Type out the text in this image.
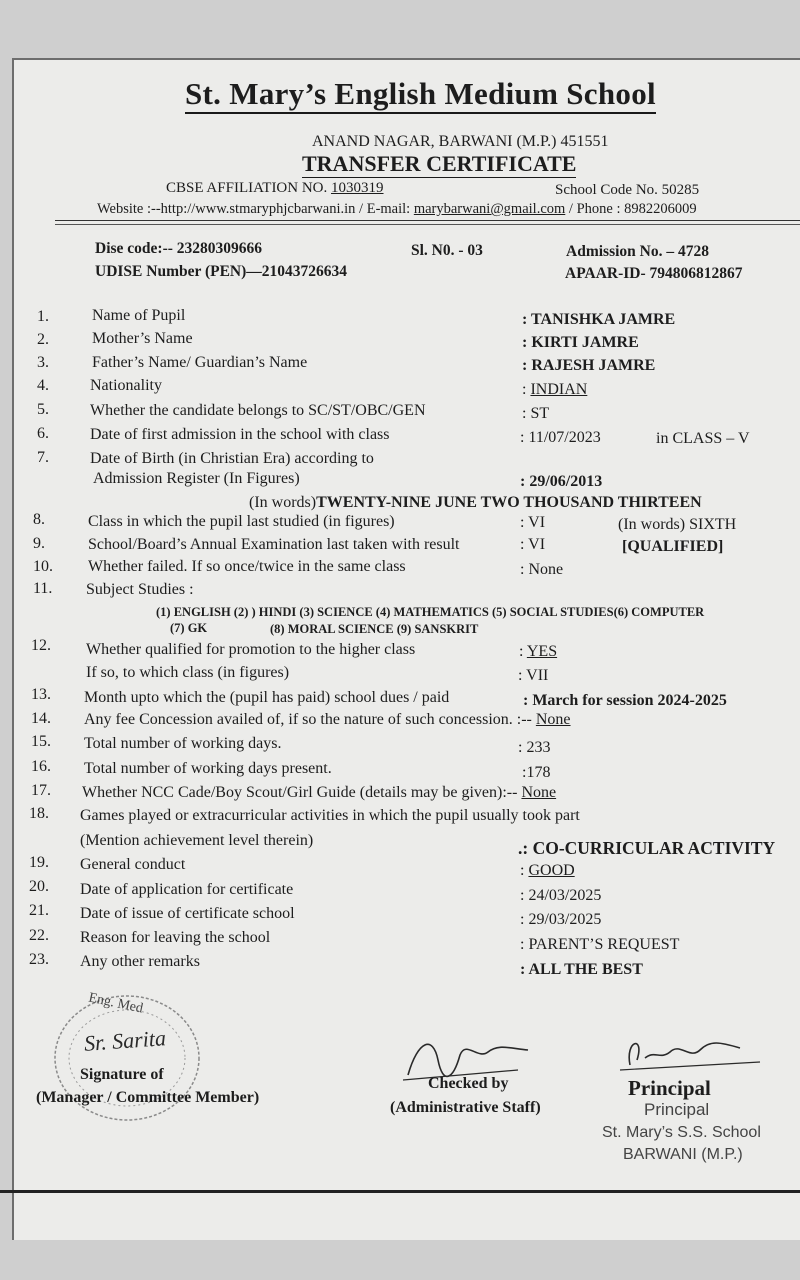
St. Mary’s English Medium School
ANAND NAGAR, BARWANI (M.P.) 451551
TRANSFER CERTIFICATE
CBSE AFFILIATION NO. 1030319	School Code No. 50285
Website :--http://www.stmaryphjcbarwani.in / E-mail: marybarwani@gmail.com / Phone : 8982206009
Dise code:-- 23280309666	Sl. N0. - 03	Admission No. – 4728
UDISE Number (PEN)—21043726634	APAAR-ID- 794806812867
1.	Name of Pupil	: TANISHKA JAMRE
2.	Mother’s Name	: KIRTI JAMRE
3.	Father’s Name/ Guardian’s Name	: RAJESH JAMRE
4.	Nationality	: INDIAN
5.	Whether the candidate belongs to SC/ST/OBC/GEN	: ST
6.	Date of first admission in the school with class	: 11/07/2023	in CLASS – V
7.	Date of Birth (in Christian Era) according to
Admission Register (In Figures)	: 29/06/2013
(In words)TWENTY-NINE JUNE TWO THOUSAND THIRTEEN
8.	Class in which the pupil last studied (in figures)	: VI	(In words) SIXTH
9.	School/Board’s Annual Examination last taken with result	: VI	[QUALIFIED]
10. Whether failed. If so once/twice in the same class	: None
11. Subject Studies :
(1) ENGLISH (2) ) HINDI (3) SCIENCE (4) MATHEMATICS (5) SOCIAL STUDIES(6) COMPUTER
(7) GK	(8) MORAL SCIENCE (9) SANSKRIT
12. Whether qualified for promotion to the higher class	: YES
If so, to which class (in figures)	: VII
13. Month upto which the (pupil has paid) school dues / paid	: March for session 2024-2025
14. Any fee Concession availed of, if so the nature of such concession. :-- None
15. Total number of working days.	: 233
16. Total number of working days present.	:178
17. Whether NCC Cade/Boy Scout/Girl Guide (details may be given):-- None
18. Games played or extracurricular activities in which the pupil usually took part
(Mention achievement level therein)	.: CO-CURRICULAR ACTIVITY
19. General conduct	: GOOD
20. Date of application for certificate	: 24/03/2025
21. Date of issue of certificate school	: 29/03/2025
22. Reason for leaving the school	: PARENT’S REQUEST
23. Any other remarks	: ALL THE BEST
Eng. Med
Sr. Sarita
Signature of
(Manager / Committee Member)
Checked by
(Administrative Staff)
Principal
Principal
St. Mary’s S.S. School
BARWANI (M.P.)
